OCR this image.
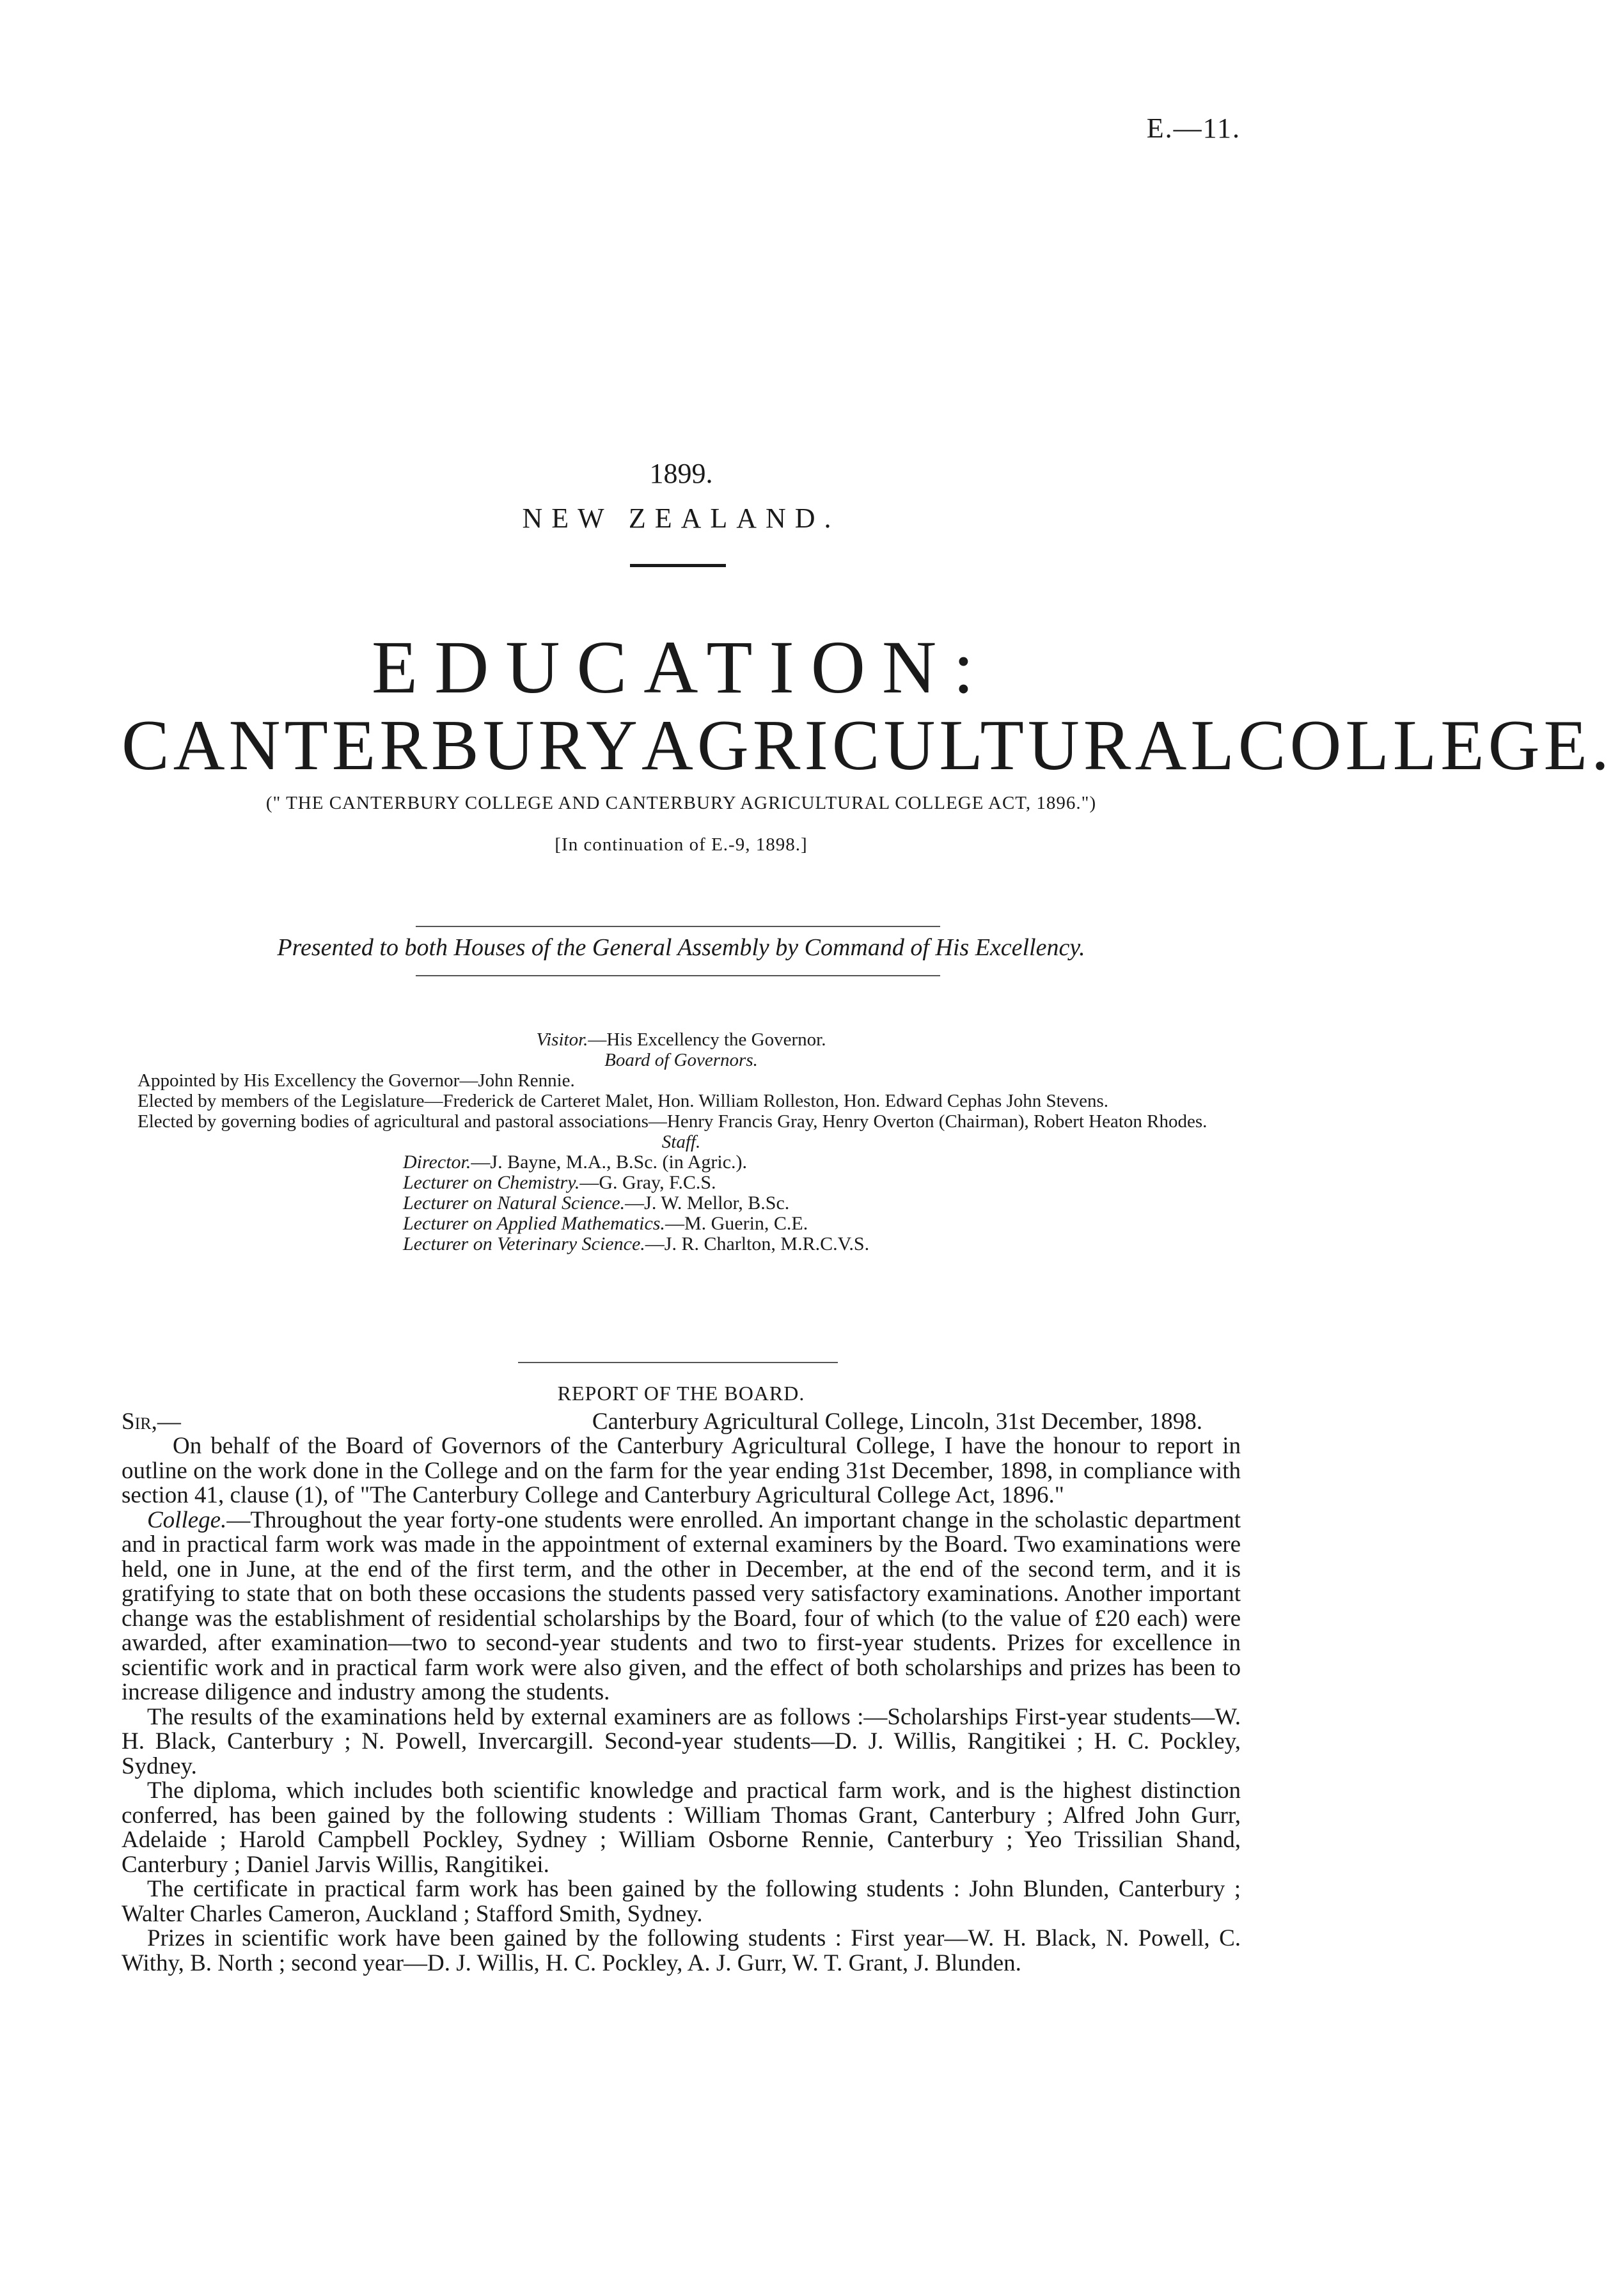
E.—11.
1899.
NEW ZEALAND.
EDUCATION:
CANTERBURY AGRICULTURAL COLLEGE.
(" THE CANTERBURY COLLEGE AND CANTERBURY AGRICULTURAL COLLEGE ACT, 1896.")
[In continuation of E.-9, 1898.]
Presented to both Houses of the General Assembly by Command of His Excellency.

Visitor.—His Excellency the Governor.

Board of Governors.

Appointed by His Excellency the Governor—John Rennie.

Elected by members of the Legislature—Frederick de Carteret Malet, Hon. William Rolleston, Hon. Edward Cephas John Stevens.

Elected by governing bodies of agricultural and pastoral associations—Henry Francis Gray, Henry Overton (Chairman), Robert Heaton Rhodes.

Staff.

Director.—J. Bayne, M.A., B.Sc. (in Agric.).

Lecturer on Chemistry.—G. Gray, F.C.S.

Lecturer on Natural Science.—J. W. Mellor, B.Sc.

Lecturer on Applied Mathematics.—M. Guerin, C.E.

Lecturer on Veterinary Science.—J. R. Charlton, M.R.C.V.S.

REPORT OF THE BOARD.

Sir,—	Canterbury Agricultural College, Lincoln, 31st December, 1898.

On behalf of the Board of Governors of the Canterbury Agricultural College, I have the honour to report in outline on the work done in the College and on the farm for the year ending 31st December, 1898, in compliance with section 41, clause (1), of "The Canterbury College and Canterbury Agricultural College Act, 1896."

College.—Throughout the year forty-one students were enrolled. An important change in the scholastic department and in practical farm work was made in the appointment of external examiners by the Board. Two examinations were held, one in June, at the end of the first term, and the other in December, at the end of the second term, and it is gratifying to state that on both these occasions the students passed very satisfactory examinations. Another important change was the establishment of residential scholarships by the Board, four of which (to the value of £20 each) were awarded, after examination—two to second-year students and two to first-year students. Prizes for excellence in scientific work and in practical farm work were also given, and the effect of both scholarships and prizes has been to increase diligence and industry among the students.

The results of the examinations held by external examiners are as follows :—Scholarships First-year students—W. H. Black, Canterbury ; N. Powell, Invercargill. Second-year students—D. J. Willis, Rangitikei ; H. C. Pockley, Sydney.

The diploma, which includes both scientific knowledge and practical farm work, and is the highest distinction conferred, has been gained by the following students : William Thomas Grant, Canterbury ; Alfred John Gurr, Adelaide ; Harold Campbell Pockley, Sydney ; William Osborne Rennie, Canterbury ; Yeo Trissilian Shand, Canterbury ; Daniel Jarvis Willis, Rangitikei.

The certificate in practical farm work has been gained by the following students : John Blunden, Canterbury ; Walter Charles Cameron, Auckland ; Stafford Smith, Sydney.

Prizes in scientific work have been gained by the following students : First year—W. H. Black, N. Powell, C. Withy, B. North ; second year—D. J. Willis, H. C. Pockley, A. J. Gurr, W. T. Grant, J. Blunden.
